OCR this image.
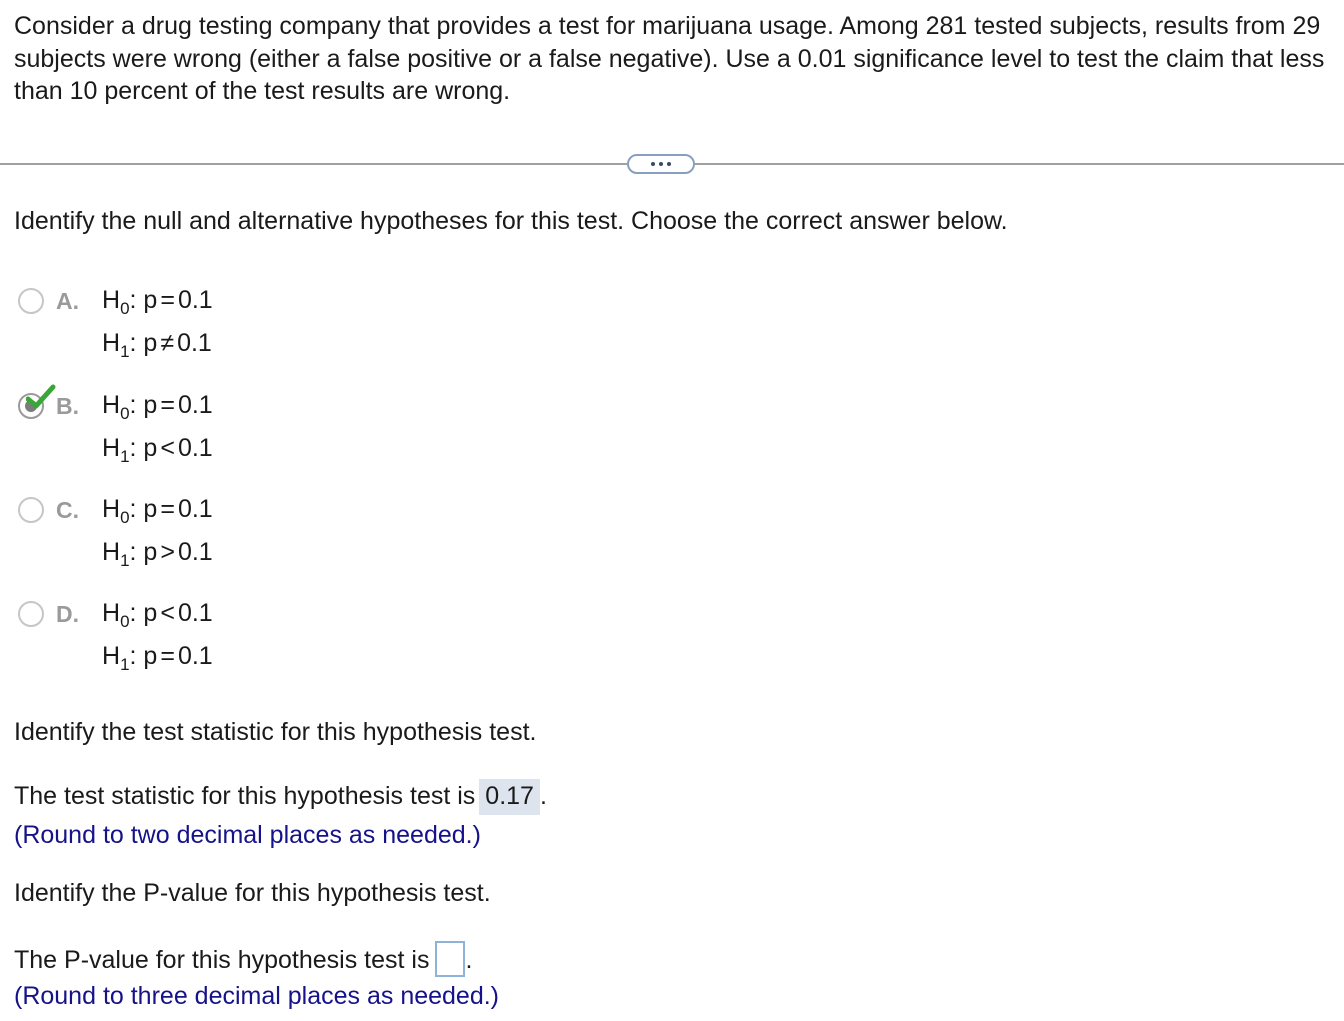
Consider a drug testing company that provides a test for marijuana usage. Among 281 tested subjects, results from 29 subjects were wrong (either a false positive or a false negative). Use a 0.01 significance level to test the claim that less than 10 percent of the test results are wrong.
Identify the null and alternative hypotheses for this test. Choose the correct answer below.
A. $H_0$: p = 0.1
$H_1$: p ≠ 0.1
B. $H_0$: p = 0.1
$H_1$: p < 0.1
C. $H_0$: p = 0.1
$H_1$: p > 0.1
D. $H_0$: p < 0.1
$H_1$: p = 0.1
Identify the test statistic for this hypothesis test.
The test statistic for this hypothesis test is 0.17 .
(Round to two decimal places as needed.)
Identify the P-value for this hypothesis test.
The P-value for this hypothesis test is .
(Round to three decimal places as needed.)
